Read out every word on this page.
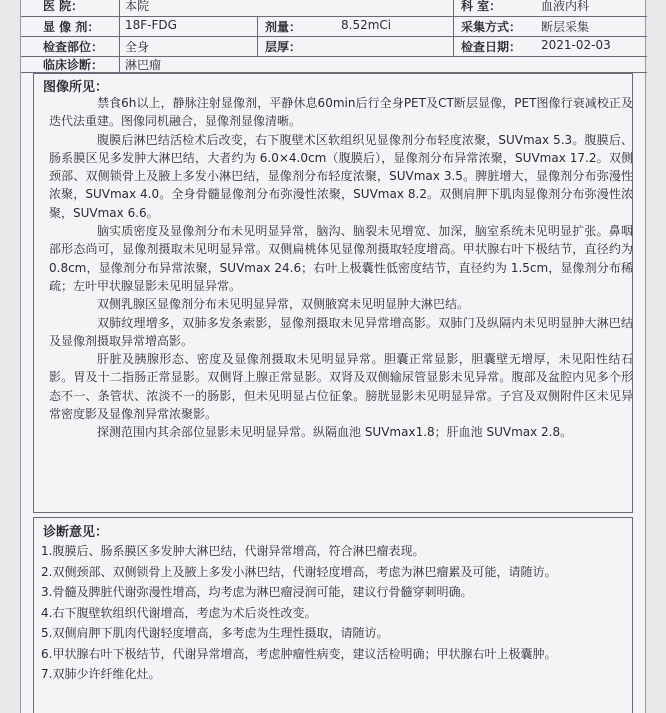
医 院：	本院	科 室：	血液内科
显 像 剂： 18F-FDG	剂量：	8.52mCi	采集方式： 断层采集
检查部位： 全身	层厚：	检查日期： 2021-02-03
临床诊断： 淋巴瘤
图像所见：

禁食6h以上，静脉注射显像剂，平静休息60min后行全身PET及CT断层显像，PET图像行衰减校正及迭代法重建。图像同机融合，显像剂显像清晰。

腹膜后淋巴结活检术后改变，右下腹壁术区软组织见显像剂分布轻度浓聚，SUVmax 5.3。腹膜后、肠系膜区见多发肿大淋巴结，大者约为 6.0×4.0cm（腹膜后），显像剂分布异常浓聚，SUVmax 17.2。双侧颈部、双侧锁骨上及腋上多发小淋巴结，显像剂分布轻度浓聚，SUVmax 3.5。脾脏增大，显像剂分布弥漫性浓聚，SUVmax 4.0。全身骨髓显像剂分布弥漫性浓聚，SUVmax 8.2。双侧肩胛下肌肉显像剂分布弥漫性浓聚，SUVmax 6.6。

脑实质密度及显像剂分布未见明显异常，脑沟、脑裂未见增宽、加深，脑室系统未见明显扩张。鼻咽部形态尚可，显像剂摄取未见明显异常。双侧扁桃体见显像剂摄取轻度增高。甲状腺右叶下极结节，直径约为 0.8cm，显像剂分布异常浓聚，SUVmax 24.6；右叶上极囊性低密度结节，直径约为 1.5cm，显像剂分布稀疏；左叶甲状腺显影未见明显异常。

双侧乳腺区显像剂分布未见明显异常，双侧腋窝未见明显肿大淋巴结。

双肺纹理增多，双肺多发条索影，显像剂摄取未见异常增高影。双肺门及纵隔内未见明显肿大淋巴结及显像剂摄取异常增高影。

肝脏及胰腺形态、密度及显像剂摄取未见明显异常。胆囊正常显影，胆囊壁无增厚，未见阳性结石影。胃及十二指肠正常显影。双侧肾上腺正常显影。双肾及双侧输尿管显影未见异常。腹部及盆腔内见多个形态不一、条管状、浓淡不一的肠影，但未见明显占位征象。膀胱显影未见明显异常。子宫及双侧附件区未见异常密度影及显像剂异常浓聚影。

探测范围内其余部位显影未见明显异常。纵隔血池 SUVmax1.8；肝血池 SUVmax 2.8。

诊断意见：
1.腹膜后、肠系膜区多发肿大淋巴结，代谢异常增高，符合淋巴瘤表现。
2.双侧颈部、双侧锁骨上及腋上多发小淋巴结，代谢轻度增高，考虑为淋巴瘤累及可能，请随访。
3.骨髓及脾脏代谢弥漫性增高，均考虑为淋巴瘤浸润可能，建议行骨髓穿刺明确。
4.右下腹壁软组织代谢增高，考虑为术后炎性改变。
5.双侧肩胛下肌肉代谢轻度增高，多考虑为生理性摄取，请随访。
6.甲状腺右叶下极结节，代谢异常增高，考虑肿瘤性病变，建议活检明确；甲状腺右叶上极囊肿。
7.双肺少许纤维化灶。
